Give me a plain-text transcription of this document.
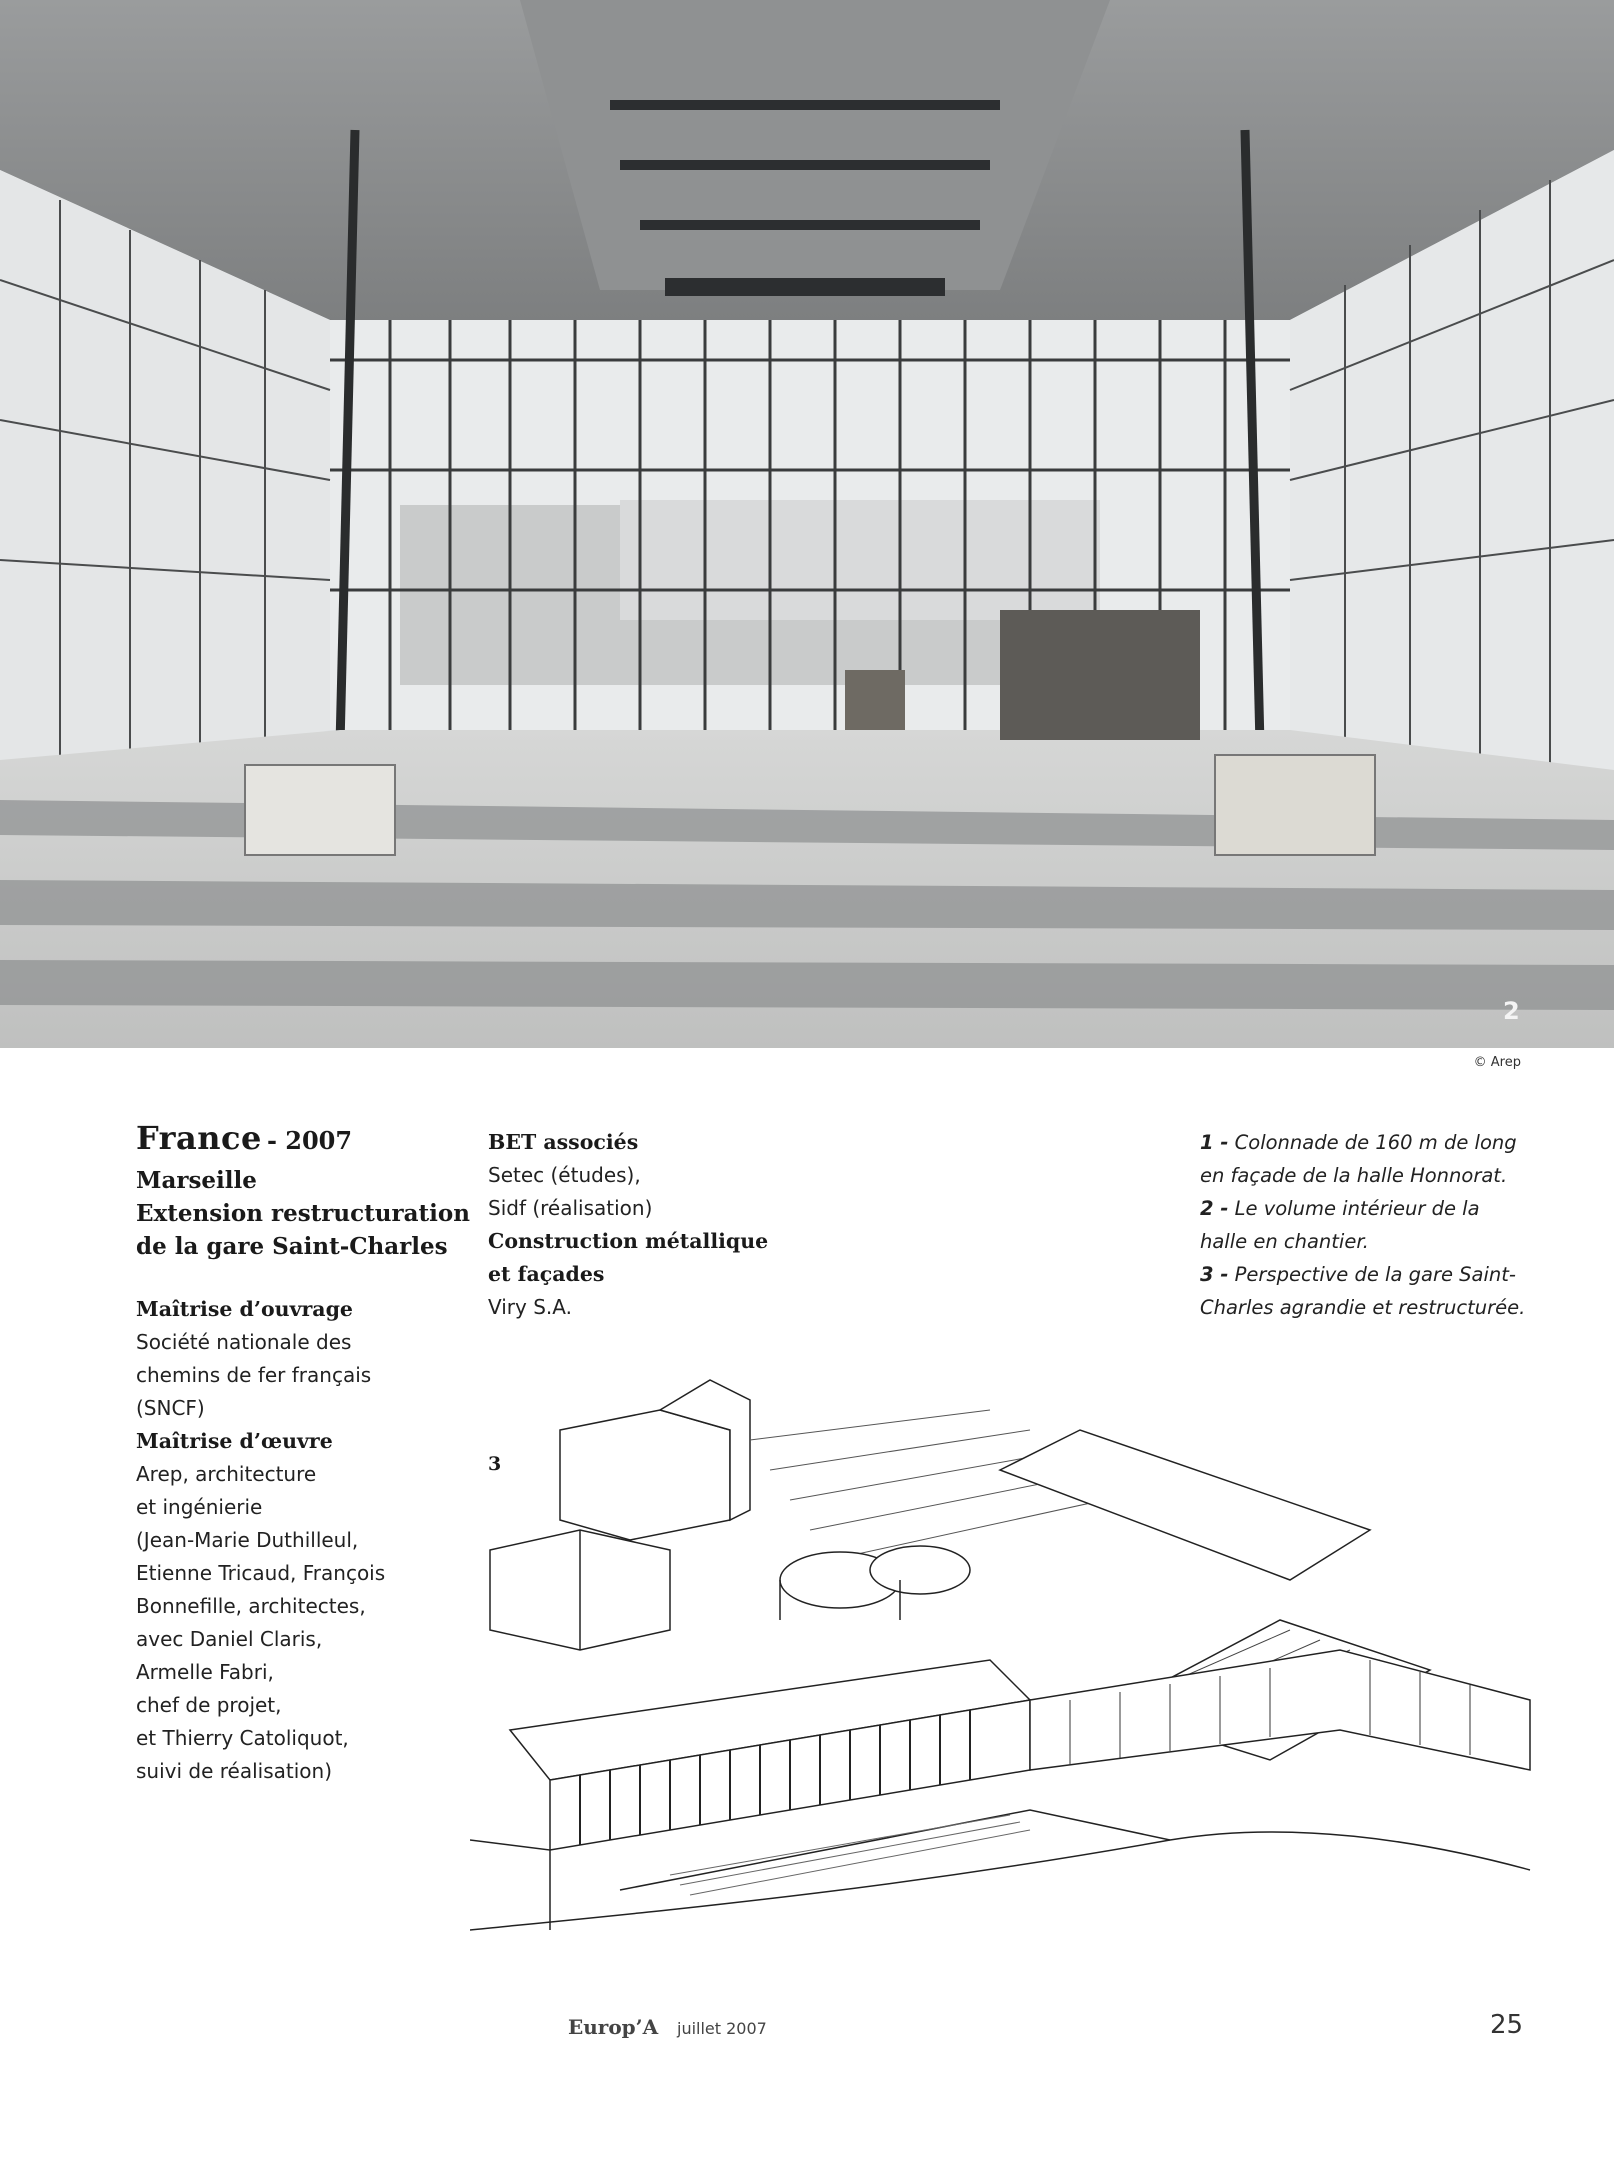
2
© Arep
France - 2007
Marseille
Extension restructuration
de la gare Saint-Charles
Maîtrise d’ouvrage
Société nationale des
chemins de fer français
(SNCF)
Maîtrise d’œuvre
Arep, architecture
et ingénierie
(Jean-Marie Duthilleul,
Etienne Tricaud, François
Bonnefille, architectes,
avec Daniel Claris,
Armelle Fabri,
chef de projet,
et Thierry Catoliquot,
suivi de réalisation)
BET associés
Setec (études),
Sidf (réalisation)
Construction métallique
et façades
Viry S.A.
1 - Colonnade de 160 m de long
en façade de la halle Honnorat.
2 - Le volume intérieur de la
halle en chantier.
3 - Perspective de la gare Saint-
Charles agrandie et restructurée.
3
Europ’A juillet 2007	25
